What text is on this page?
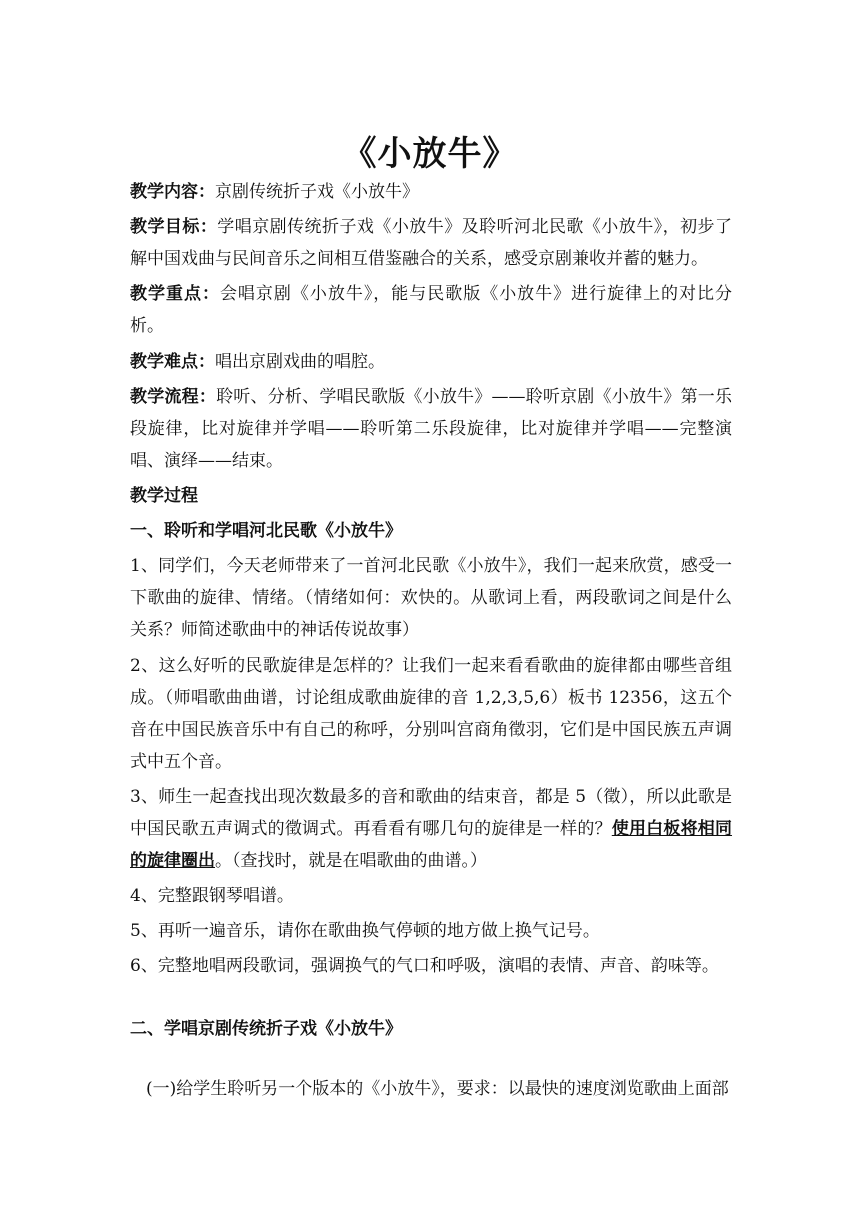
《小放牛》

教学内容：京剧传统折子戏《小放牛》

教学目标：学唱京剧传统折子戏《小放牛》及聆听河北民歌《小放牛》，初步了解中国戏曲与民间音乐之间相互借鉴融合的关系，感受京剧兼收并蓄的魅力。

教学重点：会唱京剧《小放牛》，能与民歌版《小放牛》进行旋律上的对比分析。

教学难点：唱出京剧戏曲的唱腔。

教学流程：聆听、分析、学唱民歌版《小放牛》——聆听京剧《小放牛》第一乐段旋律，比对旋律并学唱——聆听第二乐段旋律，比对旋律并学唱——完整演唱、演绎——结束。

教学过程

一、聆听和学唱河北民歌《小放牛》

1、同学们，今天老师带来了一首河北民歌《小放牛》，我们一起来欣赏，感受一下歌曲的旋律、情绪。（情绪如何：欢快的。从歌词上看，两段歌词之间是什么关系？师简述歌曲中的神话传说故事）

2、这么好听的民歌旋律是怎样的？让我们一起来看看歌曲的旋律都由哪些音组成。（师唱歌曲曲谱，讨论组成歌曲旋律的音 1,2,3,5,6）板书 12356，这五个音在中国民族音乐中有自己的称呼，分别叫宫商角徵羽，它们是中国民族五声调式中五个音。

3、师生一起查找出现次数最多的音和歌曲的结束音，都是 5（徵），所以此歌是中国民歌五声调式的徵调式。再看看有哪几句的旋律是一样的？使用白板将相同的旋律圈出。（查找时，就是在唱歌曲的曲谱。）

4、完整跟钢琴唱谱。

5、再听一遍音乐，请你在歌曲换气停顿的地方做上换气记号。

6、完整地唱两段歌词，强调换气的气口和呼吸，演唱的表情、声音、韵味等。

二、学唱京剧传统折子戏《小放牛》

(一)给学生聆听另一个版本的《小放牛》，要求：以最快的速度浏览歌曲上面部
